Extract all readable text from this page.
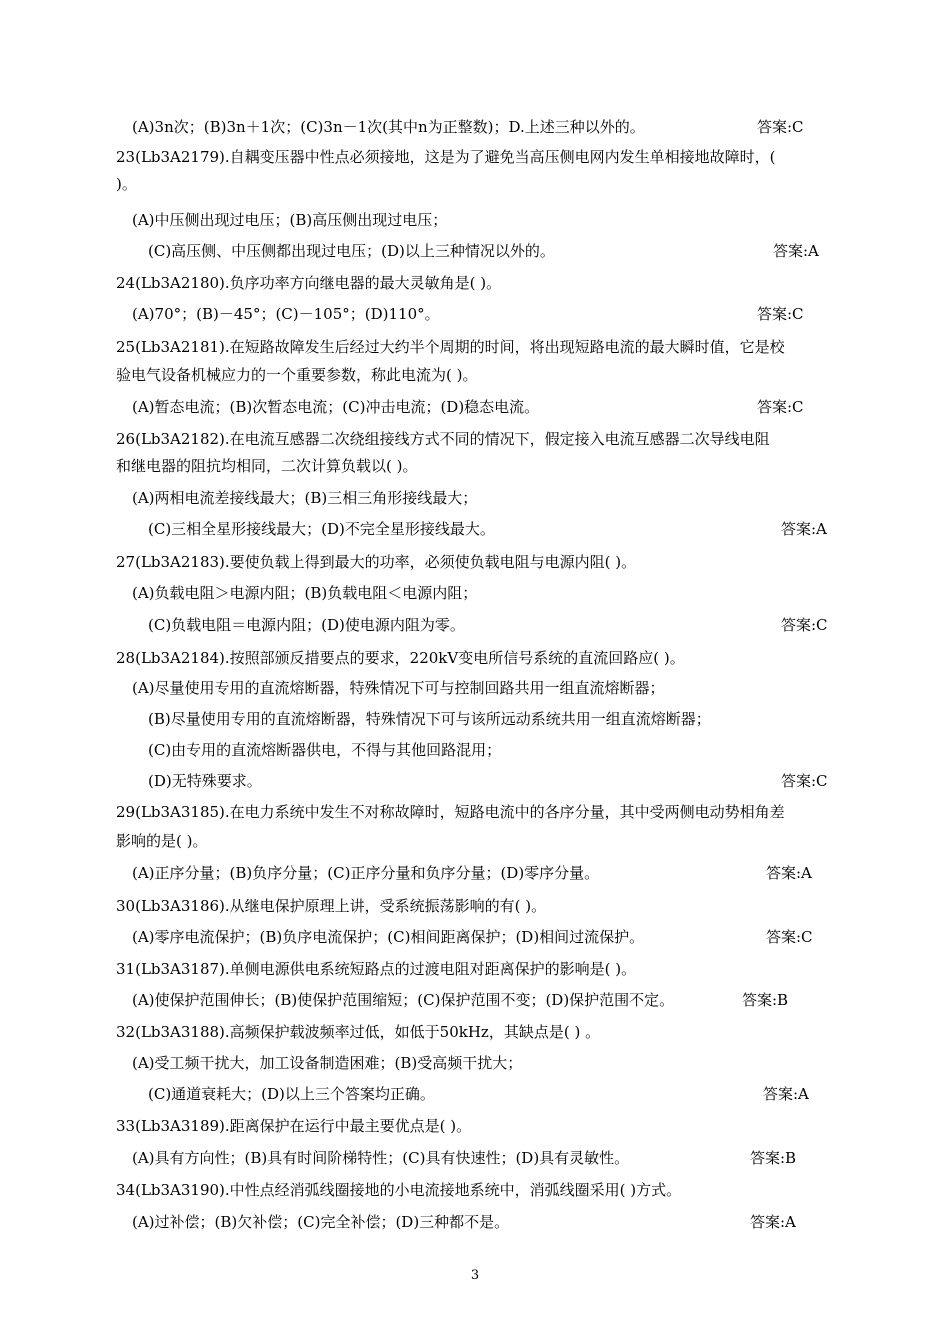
(A)3n次；(B)3n＋1次；(C)3n－1次(其中n为正整数)；D.上述三种以外的。	答案:C
23(Lb3A2179).自耦变压器中性点必须接地，这是为了避免当高压侧电网内发生单相接地故障时，(
)。
(A)中压侧出现过电压；(B)高压侧出现过电压；
(C)高压侧、中压侧都出现过电压；(D)以上三种情况以外的。	答案:A
24(Lb3A2180).负序功率方向继电器的最大灵敏角是( )。
(A)70°；(B)－45°；(C)－105°；(D)110°。	答案:C
25(Lb3A2181).在短路故障发生后经过大约半个周期的时间，将出现短路电流的最大瞬时值，它是校
验电气设备机械应力的一个重要参数，称此电流为( )。
(A)暂态电流；(B)次暂态电流；(C)冲击电流；(D)稳态电流。	答案:C
26(Lb3A2182).在电流互感器二次绕组接线方式不同的情况下，假定接入电流互感器二次导线电阻
和继电器的阻抗均相同，二次计算负载以( )。
(A)两相电流差接线最大；(B)三相三角形接线最大；
(C)三相全星形接线最大；(D)不完全星形接线最大。	答案:A
27(Lb3A2183).要使负载上得到最大的功率，必须使负载电阻与电源内阻( )。
(A)负载电阻＞电源内阻；(B)负载电阻＜电源内阻；
(C)负载电阻＝电源内阻；(D)使电源内阻为零。	答案:C
28(Lb3A2184).按照部颁反措要点的要求，220kV变电所信号系统的直流回路应( )。
(A)尽量使用专用的直流熔断器，特殊情况下可与控制回路共用一组直流熔断器；
(B)尽量使用专用的直流熔断器，特殊情况下可与该所远动系统共用一组直流熔断器；
(C)由专用的直流熔断器供电，不得与其他回路混用；
(D)无特殊要求。	答案:C
29(Lb3A3185).在电力系统中发生不对称故障时，短路电流中的各序分量，其中受两侧电动势相角差
影响的是( )。
(A)正序分量；(B)负序分量；(C)正序分量和负序分量；(D)零序分量。	答案:A
30(Lb3A3186).从继电保护原理上讲，受系统振荡影响的有( )。
(A)零序电流保护；(B)负序电流保护；(C)相间距离保护；(D)相间过流保护。	答案:C
31(Lb3A3187).单侧电源供电系统短路点的过渡电阻对距离保护的影响是( )。
(A)使保护范围伸长；(B)使保护范围缩短；(C)保护范围不变；(D)保护范围不定。	答案:B
32(Lb3A3188).高频保护载波频率过低，如低于50kHz，其缺点是( ) 。
(A)受工频干扰大，加工设备制造困难；(B)受高频干扰大；
(C)通道衰耗大；(D)以上三个答案均正确。	答案:A
33(Lb3A3189).距离保护在运行中最主要优点是( )。
(A)具有方向性；(B)具有时间阶梯特性；(C)具有快速性；(D)具有灵敏性。	答案:B
34(Lb3A3190).中性点经消弧线圈接地的小电流接地系统中，消弧线圈采用( )方式。
(A)过补偿；(B)欠补偿；(C)完全补偿；(D)三种都不是。	答案:A
3
